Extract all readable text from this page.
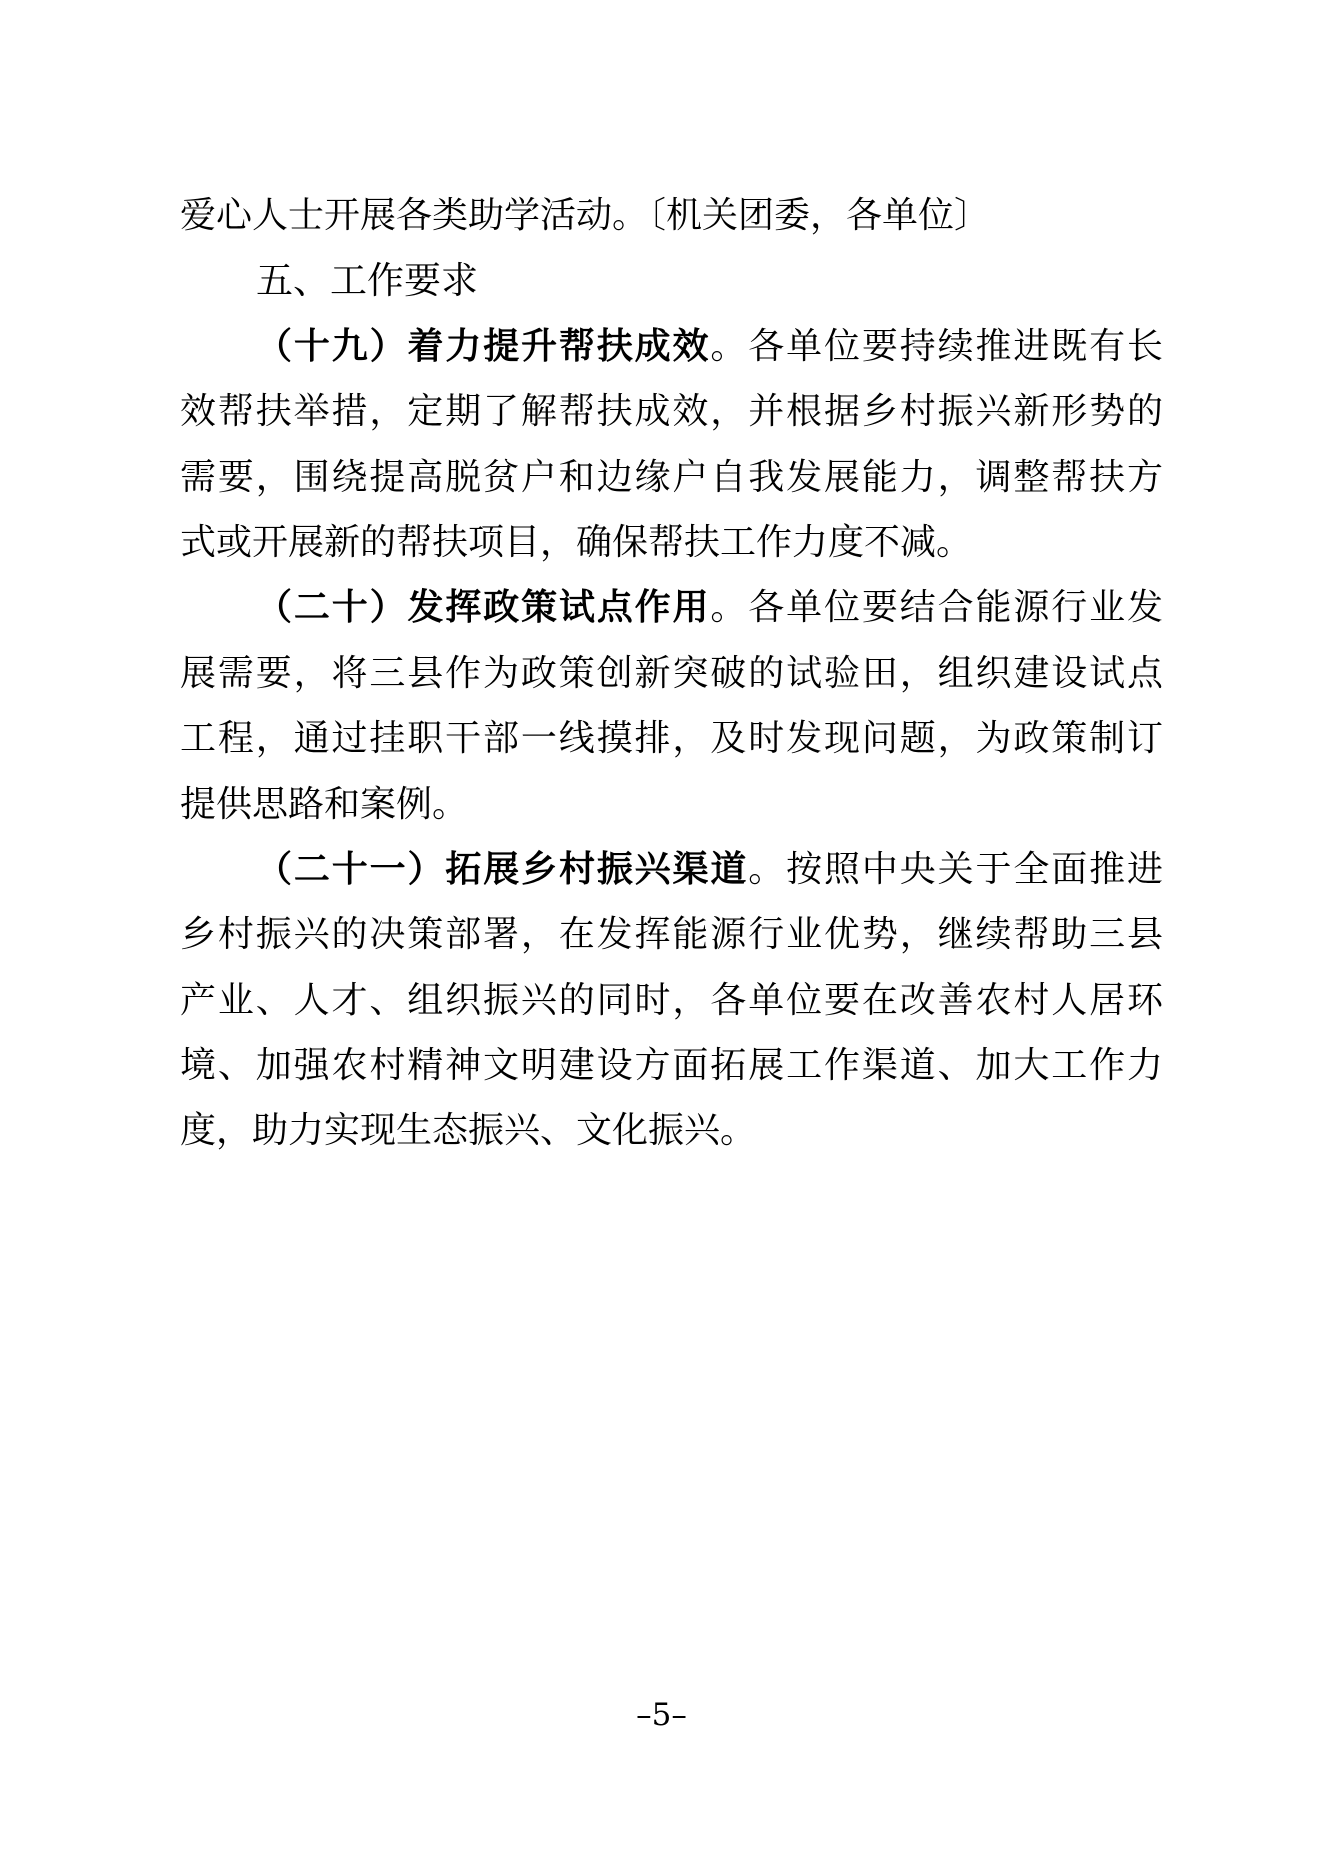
爱心人士开展各类助学活动。〔机关团委，各单位〕
五、工作要求
（十九）着力提升帮扶成效。各单位要持续推进既有长
效帮扶举措，定期了解帮扶成效，并根据乡村振兴新形势的
需要，围绕提高脱贫户和边缘户自我发展能力，调整帮扶方
式或开展新的帮扶项目，确保帮扶工作力度不减。
（二十）发挥政策试点作用。各单位要结合能源行业发
展需要，将三县作为政策创新突破的试验田，组织建设试点
工程，通过挂职干部一线摸排，及时发现问题，为政策制订
提供思路和案例。
（二十一）拓展乡村振兴渠道。按照中央关于全面推进
乡村振兴的决策部署，在发挥能源行业优势，继续帮助三县
产业、人才、组织振兴的同时，各单位要在改善农村人居环
境、加强农村精神文明建设方面拓展工作渠道、加大工作力
度，助力实现生态振兴、文化振兴。
–5–
